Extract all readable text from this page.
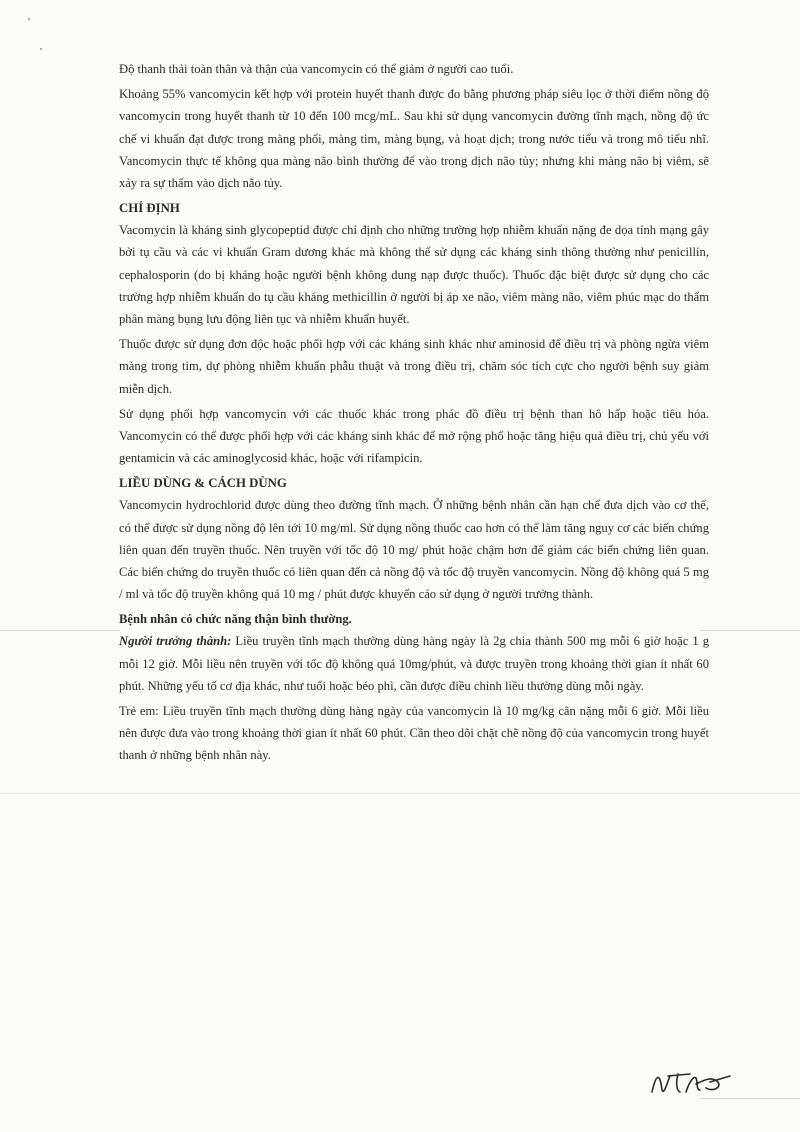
Độ thanh thải toàn thân và thận của vancomycin có thể giảm ở người cao tuổi.

Khoảng 55% vancomycin kết hợp với protein huyết thanh được đo bằng phương pháp siêu lọc ở thời điểm nồng độ vancomycin trong huyết thanh từ 10 đến 100 mcg/mL. Sau khi sử dụng vancomycin đường tĩnh mạch, nồng độ ức chế vi khuẩn đạt được trong màng phổi, màng tim, màng bụng, và hoạt dịch; trong nước tiểu và trong mô tiểu nhĩ. Vancomycin thực tế không qua màng não bình thường để vào trong dịch não tủy; nhưng khi màng não bị viêm, sẽ xảy ra sự thấm vào dịch não tủy.

CHỈ ĐỊNH

Vacomycin là kháng sinh glycopeptid được chỉ định cho những trường hợp nhiễm khuẩn nặng đe dọa tính mạng gây bởi tụ cầu và các vi khuẩn Gram dương khác mà không thể sử dụng các kháng sinh thông thường như penicillin, cephalosporin (do bị kháng hoặc người bệnh không dung nạp được thuốc). Thuốc đặc biệt được sử dụng cho các trường hợp nhiễm khuẩn do tụ cầu kháng methicillin ở người bị áp xe não, viêm màng não, viêm phúc mạc do thẩm phân màng bụng lưu động liên tục và nhiễm khuẩn huyết.

Thuốc được sử dụng đơn độc hoặc phối hợp với các kháng sinh khác như aminosid để điều trị và phòng ngừa viêm màng trong tim, dự phòng nhiễm khuẩn phẫu thuật và trong điều trị, chăm sóc tích cực cho người bệnh suy giảm miễn dịch.

Sử dụng phối hợp vancomycin với các thuốc khác trong phác đồ điều trị bệnh than hô hấp hoặc tiêu hóa. Vancomycin có thể được phối hợp với các kháng sinh khác để mở rộng phổ hoặc tăng hiệu quả điều trị, chủ yếu với gentamicin và các aminoglycosid khác, hoặc với rifampicin.

LIỀU DÙNG & CÁCH DÙNG

Vancomycin hydrochlorid được dùng theo đường tĩnh mạch. Ở những bệnh nhân cần hạn chế đưa dịch vào cơ thể, có thể được sử dụng nồng độ lên tới 10 mg/ml. Sử dụng nồng thuốc cao hơn có thể làm tăng nguy cơ các biến chứng liên quan đến truyền thuốc. Nên truyền với tốc độ 10 mg/ phút hoặc chậm hơn để giảm các biến chứng liên quan. Các biến chứng do truyền thuốc có liên quan đến cả nồng độ và tốc độ truyền vancomycin. Nồng độ không quá 5 mg / ml và tốc độ truyền không quá 10 mg / phút được khuyến cáo sử dụng ở người trưởng thành.

Bệnh nhân có chức năng thận bình thường.

Người trưởng thành: Liều truyền tĩnh mạch thường dùng hàng ngày là 2g chia thành 500 mg mỗi 6 giờ hoặc 1 g mỗi 12 giờ. Mỗi liều nên truyền với tốc độ không quá 10mg/phút, và được truyền trong khoảng thời gian ít nhất 60 phút. Những yếu tố cơ địa khác, như tuổi hoặc béo phì, cần được điều chỉnh liều thường dùng mỗi ngày.

Trẻ em: Liều truyền tĩnh mạch thường dùng hàng ngày của vancomycin là 10 mg/kg cân nặng mỗi 6 giờ. Mỗi liều nên được đưa vào trong khoảng thời gian ít nhất 60 phút. Cần theo dõi chặt chẽ nồng độ của vancomycin trong huyết thanh ở những bệnh nhân này.
